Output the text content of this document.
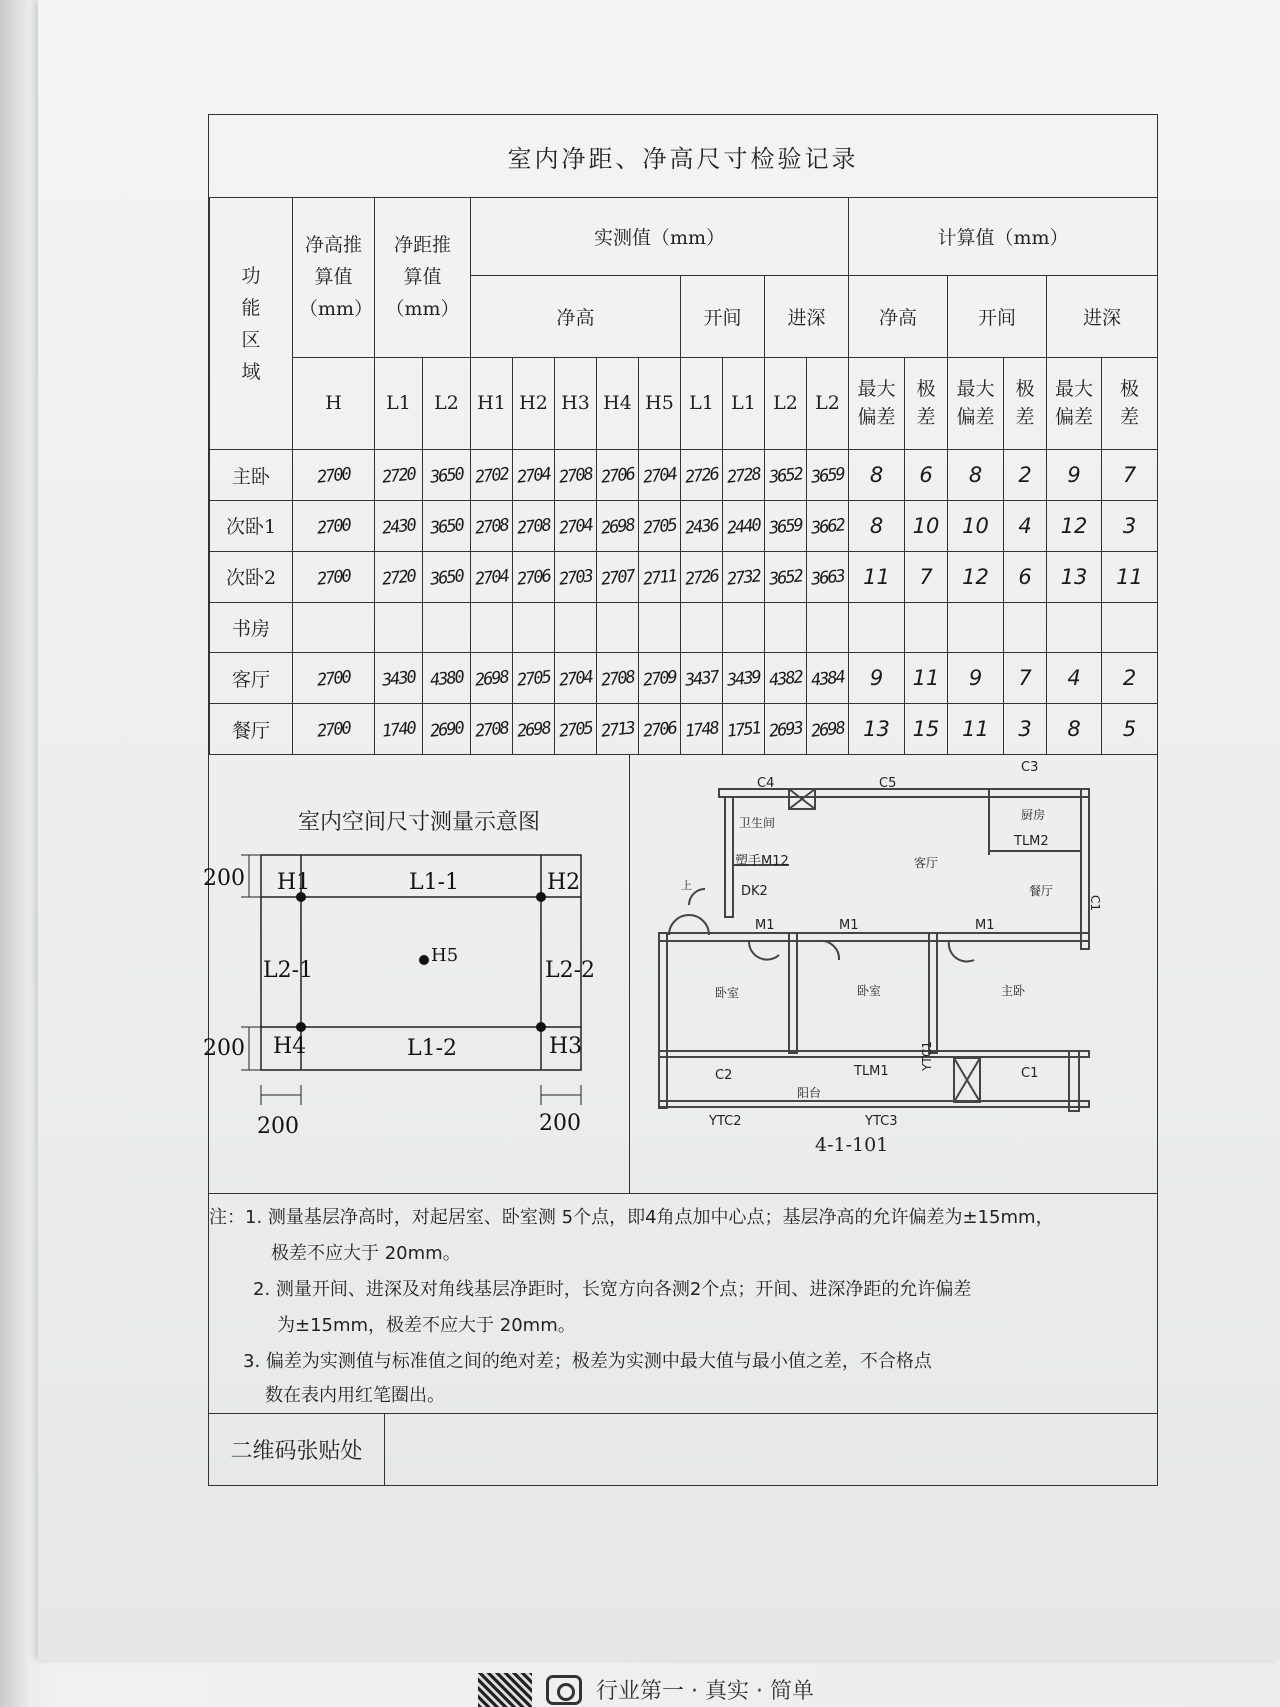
室内净距、净高尺寸检验记录
功能区域	净高推算值（mm）	净距推算值（mm）		实测值（mm）									计算值（mm）					
				净高					开间		进深		净高		开间		进深	
	H	L1	L2	H1	H2	H3	H4	H5	L1	L1	L2	L2	最大偏差	极差	最大偏差	极差	最大偏差	极差
主卧	2700	2720	3650	2702	2704	2708	2706	2704	2726	2728	3652	3659	8	6	8	2	9	7
次卧1	2700	2430	3650	2708	2708	2704	2698	2705	2436	2440	3659	3662	8	10	10	4	12	3
次卧2	2700	2720	3650	2704	2706	2703	2707	2711	2726	2732	3652	3663	11	7	12	6	13	11
书房																		
客厅	2700	3430	4380	2698	2705	2704	2708	2709	3437	3439	4382	4384	9	11	9	7	4	2
餐厅	2700	1740	2690	2708	2698	2705	2713	2706	1748	1751	2693	2698	13	15	11	3	8	5
室内空间尺寸测量示意图
200
200
200	200
H1	H2
H3
H4
H5
L1-1
L1-2
L2-1	L2-2
C4	C5
C3
C1
卫生间
厨房
TLM2
客厅
餐厅
塑手M12
DK2
上
M1	M1	M1
卧室	卧室	主卧
C2	TLM1	C1
阳台
YTC1
YTC2	YTC3
4-1-101
注：1. 测量基层净高时，对起居室、卧室测 5个点，即4角点加中心点；基层净高的允许偏差为±15mm，
极差不应大于 20mm。
2. 测量开间、进深及对角线基层净距时，长宽方向各测2个点；开间、进深净距的允许偏差
为±15mm，极差不应大于 20mm。
3. 偏差为实测值与标准值之间的绝对差；极差为实测中最大值与最小值之差，不合格点
数在表内用红笔圈出。
二维码张贴处
行业第一 · 真实 · 简单
